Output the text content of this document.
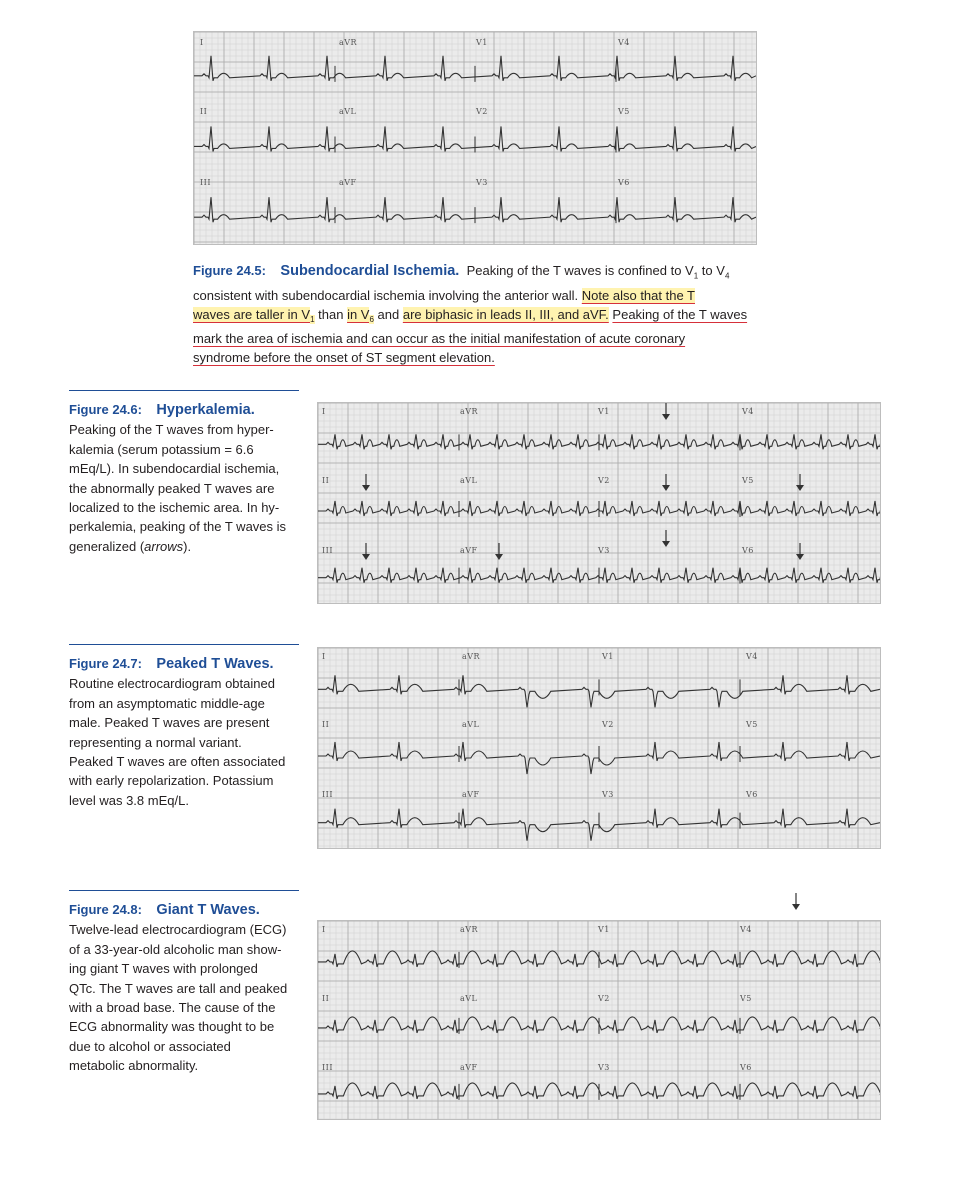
I	aVR	V1	V4
II	aVL	V2	V5
III	aVF	V3	V6
Figure 24.5: Subendocardial Ischemia. Peaking of the T waves is confined to $V_1$ to $V_4$
consistent with subendocardial ischemia involving the anterior wall. Note also that the T
waves are taller in $V_1$ than in $V_6$ and are biphasic in leads II, III, and aVF. Peaking of the T waves
mark the area of ischemia and can occur as the initial manifestation of acute coronary
syndrome before the onset of ST segment elevation.
Figure 24.6: Hyperkalemia.
Peaking of the T waves from hyper-
kalemia (serum potassium = 6.6
mEq/L). In subendocardial ischemia,
the abnormally peaked T waves are
localized to the ischemic area. In hy-
perkalemia, peaking of the T waves is
generalized (arrows).
I	aVR	V1	V4
II	aVL	V2	V5
III	aVF	V3	V6
Figure 24.7: Peaked T Waves.
Routine electrocardiogram obtained
from an asymptomatic middle-age
male. Peaked T waves are present
representing a normal variant.
Peaked T waves are often associated
with early repolarization. Potassium
level was 3.8 mEq/L.
I	aVR	V1	V4
II	aVL	V2	V5
III	aVF	V3	V6
Figure 24.8: Giant T Waves.
Twelve-lead electrocardiogram (ECG)
of a 33-year-old alcoholic man show-
ing giant T waves with prolonged
QTc. The T waves are tall and peaked
with a broad base. The cause of the
ECG abnormality was thought to be
due to alcohol or associated
metabolic abnormality.
I	aVR	V1	V4
II	aVL	V2	V5
III	aVF	V3	V6
